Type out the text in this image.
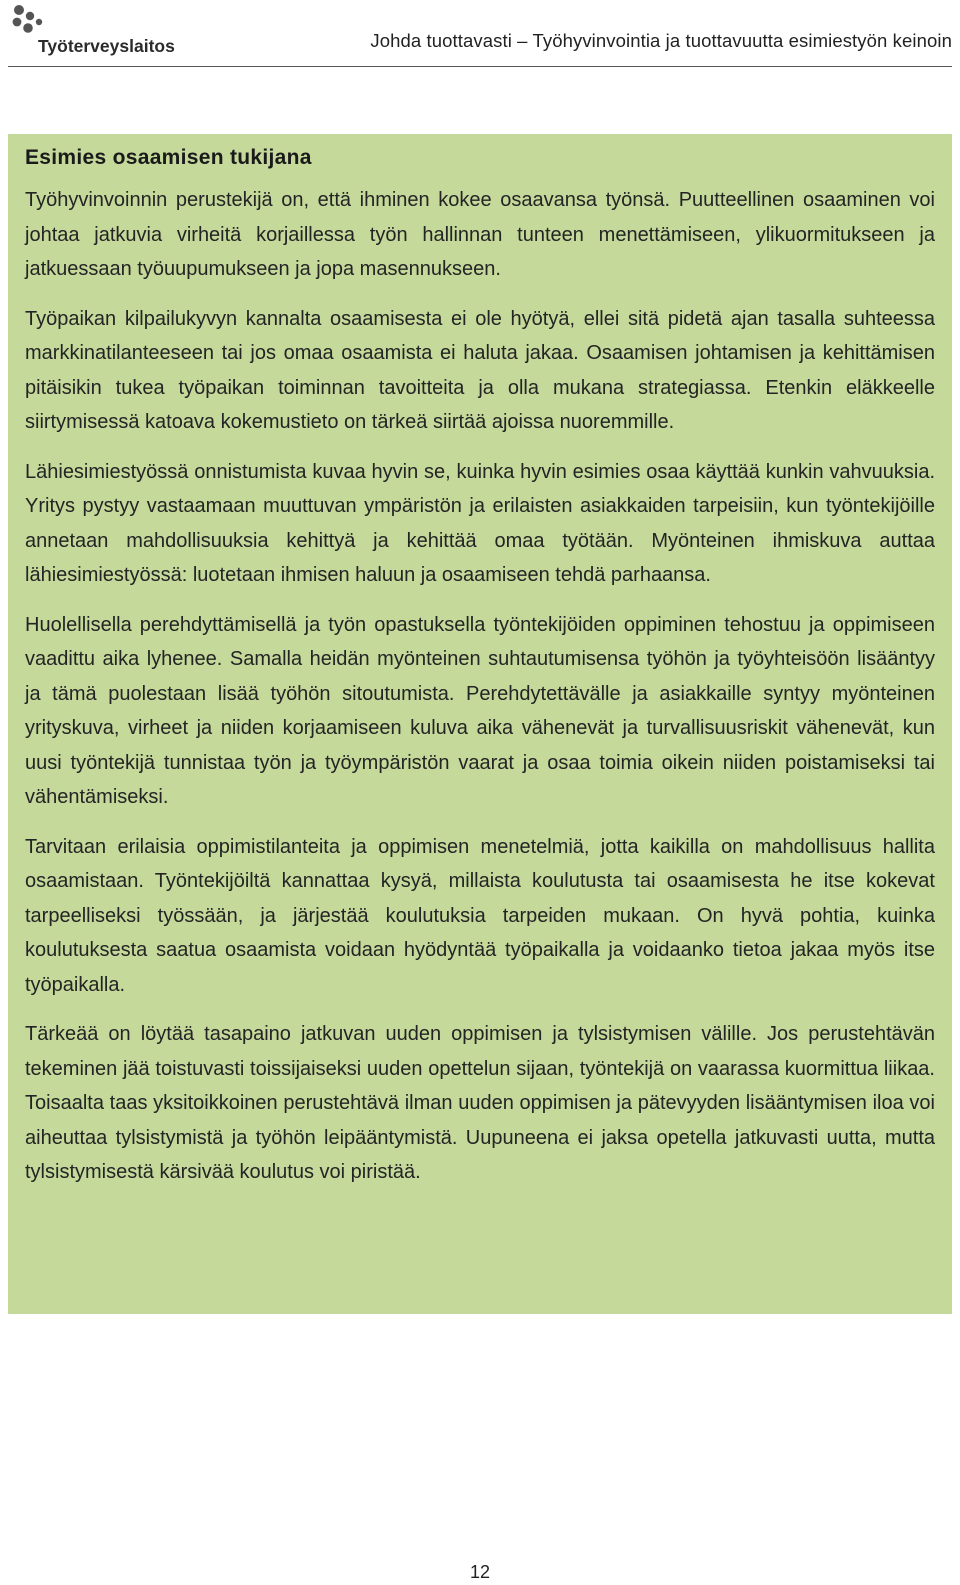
Työterveyslaitos	Johda tuottavasti – Työhyvinvointia ja tuottavuutta esimiestyön keinoin
Esimies osaamisen tukijana

Työhyvinvoinnin perustekijä on, että ihminen kokee osaavansa työnsä. Puutteellinen osaaminen voi johtaa jatkuvia virheitä korjaillessa työn hallinnan tunteen menettämiseen, ylikuormitukseen ja jatkuessaan työuupumukseen ja jopa masennukseen.

Työpaikan kilpailukyvyn kannalta osaamisesta ei ole hyötyä, ellei sitä pidetä ajan tasalla suhteessa markkinatilanteeseen tai jos omaa osaamista ei haluta jakaa. Osaamisen johtamisen ja kehittämisen pitäisikin tukea työpaikan toiminnan tavoitteita ja olla mukana strategiassa. Etenkin eläkkeelle siirtymisessä katoava kokemustieto on tärkeä siirtää ajoissa nuoremmille.

Lähiesimiestyössä onnistumista kuvaa hyvin se, kuinka hyvin esimies osaa käyttää kunkin vahvuuksia. Yritys pystyy vastaamaan muuttuvan ympäristön ja erilaisten asiakkaiden tarpeisiin, kun työntekijöille annetaan mahdollisuuksia kehittyä ja kehittää omaa työtään. Myönteinen ihmiskuva auttaa lähiesimiestyössä: luotetaan ihmisen haluun ja osaamiseen tehdä parhaansa.

Huolellisella perehdyttämisellä ja työn opastuksella työntekijöiden oppiminen tehostuu ja oppimiseen vaadittu aika lyhenee. Samalla heidän myönteinen suhtautumisensa työhön ja työyhteisöön lisääntyy ja tämä puolestaan lisää työhön sitoutumista. Perehdytettävälle ja asiakkaille syntyy myönteinen yrityskuva, virheet ja niiden korjaamiseen kuluva aika vähenevät ja turvallisuusriskit vähenevät, kun uusi työntekijä tunnistaa työn ja työympäristön vaarat ja osaa toimia oikein niiden poistamiseksi tai vähentämiseksi.

Tarvitaan erilaisia oppimistilanteita ja oppimisen menetelmiä, jotta kaikilla on mahdollisuus hallita osaamistaan. Työntekijöiltä kannattaa kysyä, millaista koulutusta tai osaamisesta he itse kokevat tarpeelliseksi työssään, ja järjestää koulutuksia tarpeiden mukaan. On hyvä pohtia, kuinka koulutuksesta saatua osaamista voidaan hyödyntää työpaikalla ja voidaanko tietoa jakaa myös itse työpaikalla.

Tärkeää on löytää tasapaino jatkuvan uuden oppimisen ja tylsistymisen välille. Jos perustehtävän tekeminen jää toistuvasti toissijaiseksi uuden opettelun sijaan, työntekijä on vaarassa kuormittua liikaa. Toisaalta taas yksitoikkoinen perustehtävä ilman uuden oppimisen ja pätevyyden lisääntymisen iloa voi aiheuttaa tylsistymistä ja työhön leipääntymistä. Uupuneena ei jaksa opetella jatkuvasti uutta, mutta tylsistymisestä kärsivää koulutus voi piristää.

12
